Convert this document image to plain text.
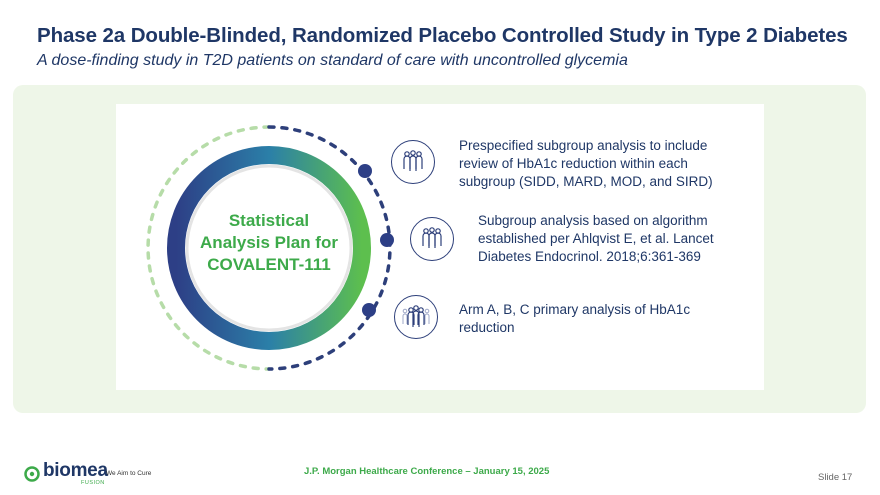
Phase 2a Double-Blinded, Randomized Placebo Controlled Study in Type 2 Diabetes

A dose-finding study in T2D patients on standard of care with uncontrolled glycemia

Statistical
Analysis Plan for
COVALENT-111
Prespecified subgroup analysis to include
review of HbA1c reduction within each
subgroup (SIDD, MARD, MOD, and SIRD)
Subgroup analysis based on algorithm
established per Ahlqvist E, et al. Lancet
Diabetes Endocrinol. 2018;6:361-369
Arm A, B, C primary analysis of HbA1c
reduction
biomea
FUSION
We Aim to Cure	J.P. Morgan Healthcare Conference – January 15, 2025
Slide 17
